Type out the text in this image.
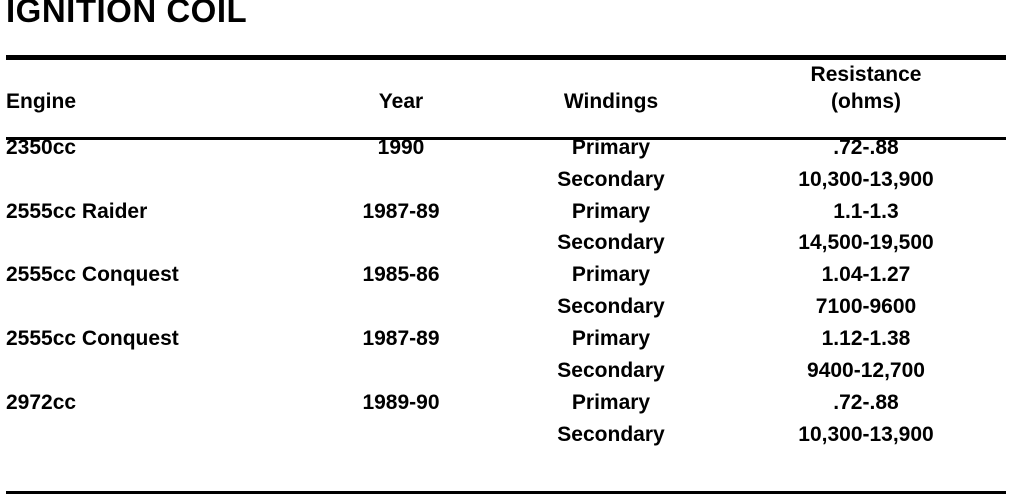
IGNITION COIL
Engine	Year	Windings	Resistance
(ohms)

2350cc	1990	Primary	.72-.88
		Secondary	10,300-13,900
2555cc Raider	1987-89	Primary	1.1-1.3
		Secondary	14,500-19,500
2555cc Conquest	1985-86	Primary	1.04-1.27
		Secondary	7100-9600
2555cc Conquest	1987-89	Primary	1.12-1.38
		Secondary	9400-12,700
2972cc	1989-90	Primary	.72-.88
		Secondary	10,300-13,900
